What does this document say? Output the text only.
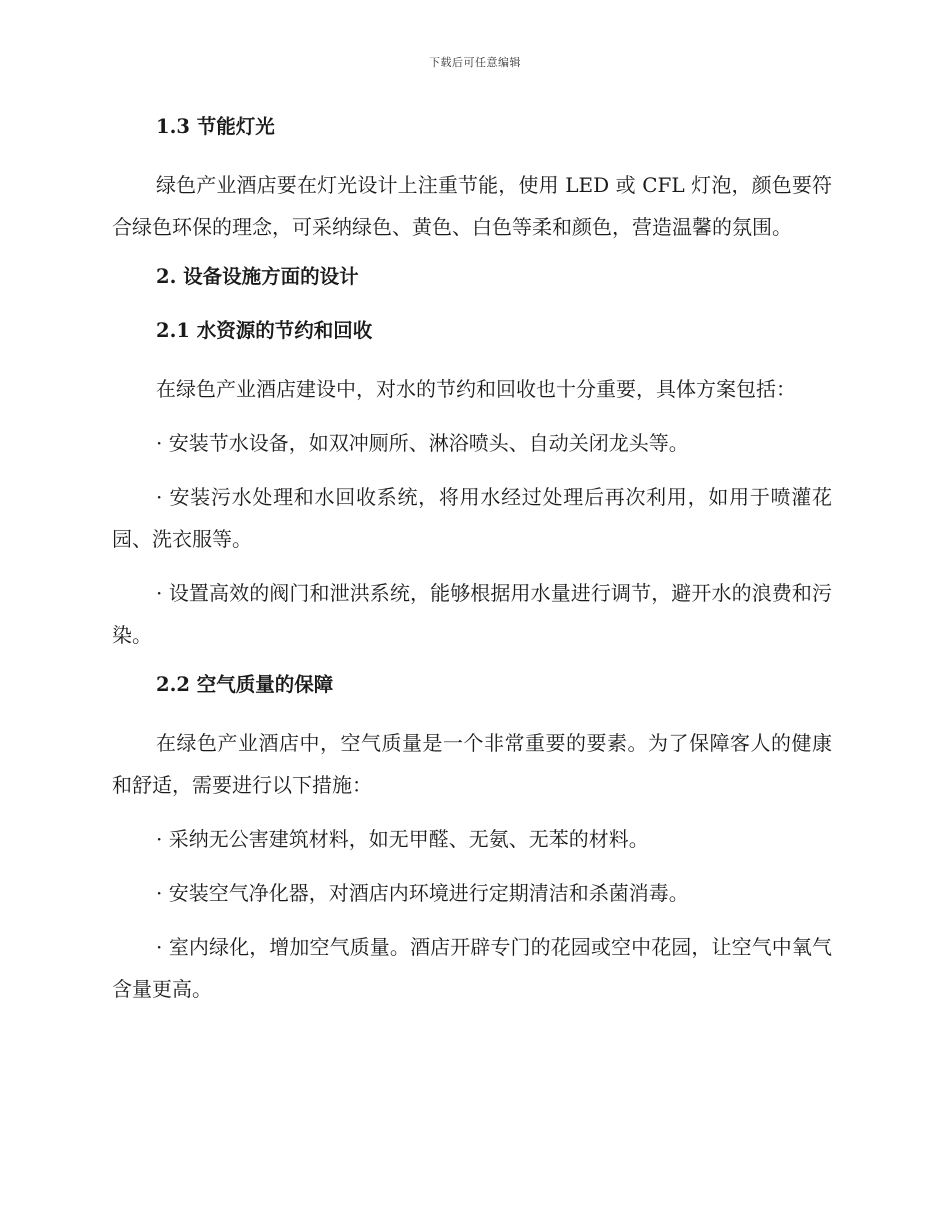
下载后可任意编辑
1.3 节能灯光
绿色产业酒店要在灯光设计上注重节能，使用 LED 或 CFL 灯泡，颜色要符合绿色环保的理念，可采纳绿色、黄色、白色等柔和颜色，营造温馨的氛围。
2. 设备设施方面的设计
2.1 水资源的节约和回收
在绿色产业酒店建设中，对水的节约和回收也十分重要，具体方案包括：
· 安装节水设备，如双冲厕所、淋浴喷头、自动关闭龙头等。
· 安装污水处理和水回收系统，将用水经过处理后再次利用，如用于喷灌花园、洗衣服等。
· 设置高效的阀门和泄洪系统，能够根据用水量进行调节，避开水的浪费和污染。
2.2 空气质量的保障
在绿色产业酒店中，空气质量是一个非常重要的要素。为了保障客人的健康和舒适，需要进行以下措施：
· 采纳无公害建筑材料，如无甲醛、无氨、无苯的材料。
· 安装空气净化器，对酒店内环境进行定期清洁和杀菌消毒。
· 室内绿化，增加空气质量。酒店开辟专门的花园或空中花园，让空气中氧气含量更高。
